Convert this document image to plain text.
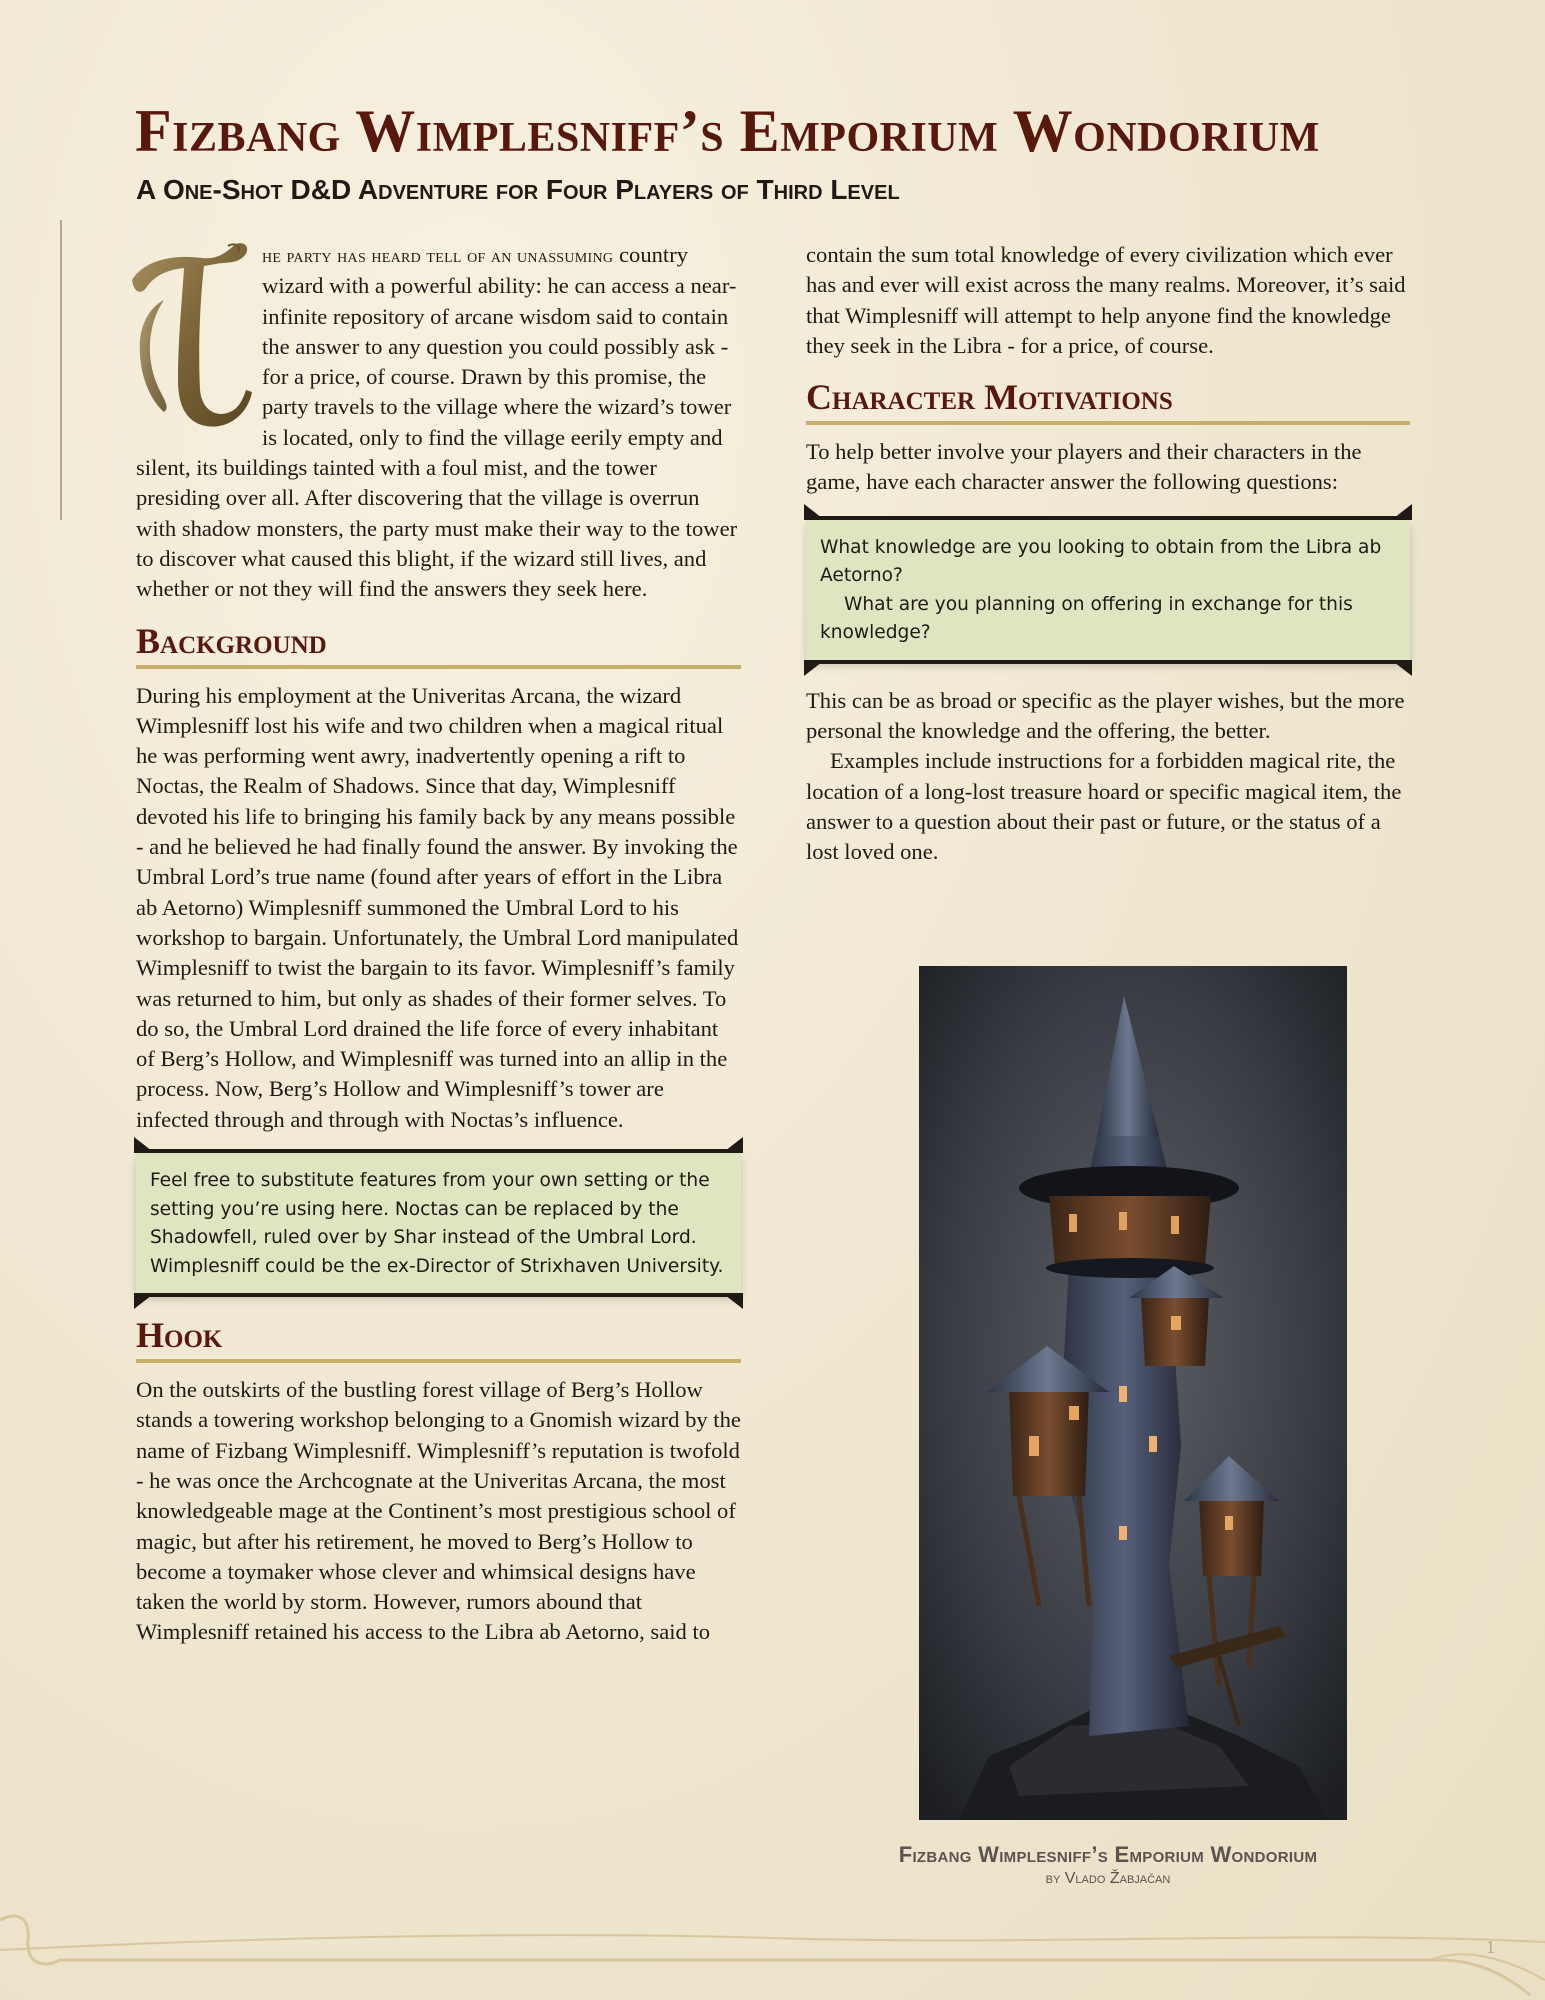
Fizbang Wimplesniff’s Emporium Wondorium
A One-Shot D&D Adventure for Four Players of Third Level

he party has heard tell of an unassuming country wizard with a powerful ability: he can access a near-infinite repository of arcane wisdom said to contain the answer to any question you could possibly ask - for a price, of course. Drawn by this promise, the party travels to the village where the wizard’s tower is located, only to find the village eerily empty and silent, its buildings tainted with a foul mist, and the tower presiding over all. After discovering that the village is overrun with shadow monsters, the party must make their way to the tower to discover what caused this blight, if the wizard still lives, and whether or not they will find the answers they seek here.

Background

During his employment at the Univeritas Arcana, the wizard Wimplesniff lost his wife and two children when a magical ritual he was performing went awry, inadvertently opening a rift to Noctas, the Realm of Shadows. Since that day, Wimplesniff devoted his life to bringing his family back by any means possible - and he believed he had finally found the answer. By invoking the Umbral Lord’s true name (found after years of effort in the Libra ab Aetorno) Wimplesniff summoned the Umbral Lord to his workshop to bargain. Unfortunately, the Umbral Lord manipulated Wimplesniff to twist the bargain to its favor. Wimplesniff’s family was returned to him, but only as shades of their former selves. To do so, the Umbral Lord drained the life force of every inhabitant of Berg’s Hollow, and Wimplesniff was turned into an allip in the process. Now, Berg’s Hollow and Wimplesniff’s tower are infected through and through with Noctas’s influence.

Feel free to substitute features from your own setting or the setting you’re using here. Noctas can be replaced by the Shadowfell, ruled over by Shar instead of the Umbral Lord. Wimplesniff could be the ex-Director of Strixhaven University.

Hook

On the outskirts of the bustling forest village of Berg’s Hollow stands a towering workshop belonging to a Gnomish wizard by the name of Fizbang Wimplesniff. Wimplesniff’s reputation is twofold - he was once the Archcognate at the Univeritas Arcana, the most knowledgeable mage at the Continent’s most prestigious school of magic, but after his retirement, he moved to Berg’s Hollow to become a toymaker whose clever and whimsical designs have taken the world by storm. However, rumors abound that Wimplesniff retained his access to the Libra ab Aetorno, said to

contain the sum total knowledge of every civilization which ever has and ever will exist across the many realms. Moreover, it’s said that Wimplesniff will attempt to help anyone find the knowledge they seek in the Libra - for a price, of course.

Character Motivations

To help better involve your players and their characters in the game, have each character answer the following questions:

What knowledge are you looking to obtain from the Libra ab Aetorno?

What are you planning on offering in exchange for this knowledge?

This can be as broad or specific as the player wishes, but the more personal the knowledge and the offering, the better.

Examples include instructions for a forbidden magical rite, the location of a long-lost treasure hoard or specific magical item, the answer to a question about their past or future, or the status of a lost loved one.

Fizbang Wimplesniff’s Emporium Wondorium
by Vlado Žabjačan
1
